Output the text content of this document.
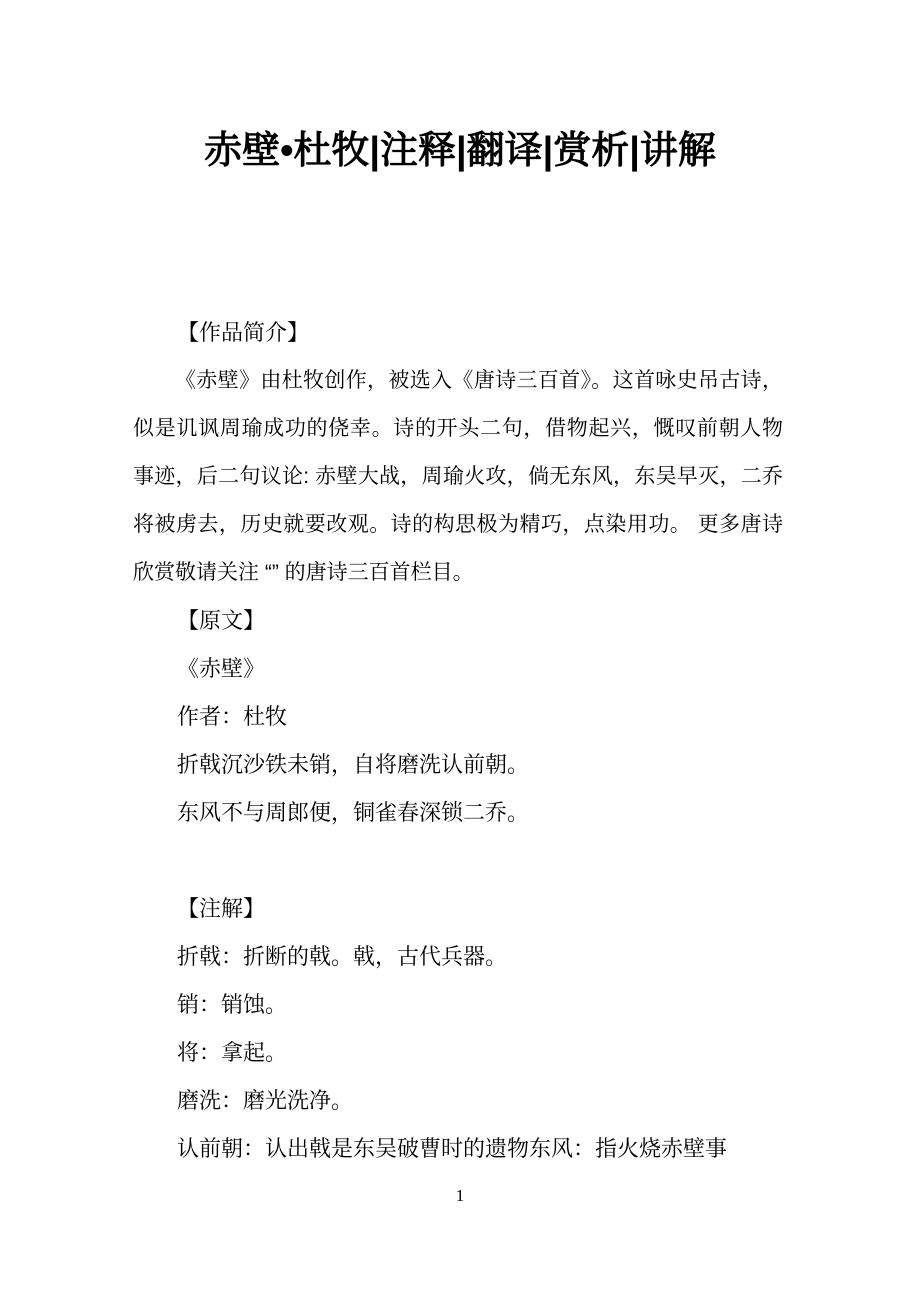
赤壁•杜牧|注释|翻译|赏析|讲解
【作品简介】
《赤壁》由杜牧创作，被选入《唐诗三百首》。这首咏史吊古诗，似是讥讽周瑜成功的侥幸。诗的开头二句，借物起兴，慨叹前朝人物事迹，后二句议论: 赤壁大战，周瑜火攻，倘无东风，东吴早灭，二乔将被虏去，历史就要改观。诗的构思极为精巧，点染用功。 更多唐诗欣赏敬请关注 “” 的唐诗三百首栏目。
【原文】
《赤壁》
作者：杜牧
折戟沉沙铁未销，自将磨洗认前朝。
东风不与周郎便，铜雀春深锁二乔。
【注解】
折戟：折断的戟。戟，古代兵器。
销：销蚀。
将：拿起。
磨洗：磨光洗净。
认前朝：认出戟是东吴破曹时的遗物东风：指火烧赤壁事
1
